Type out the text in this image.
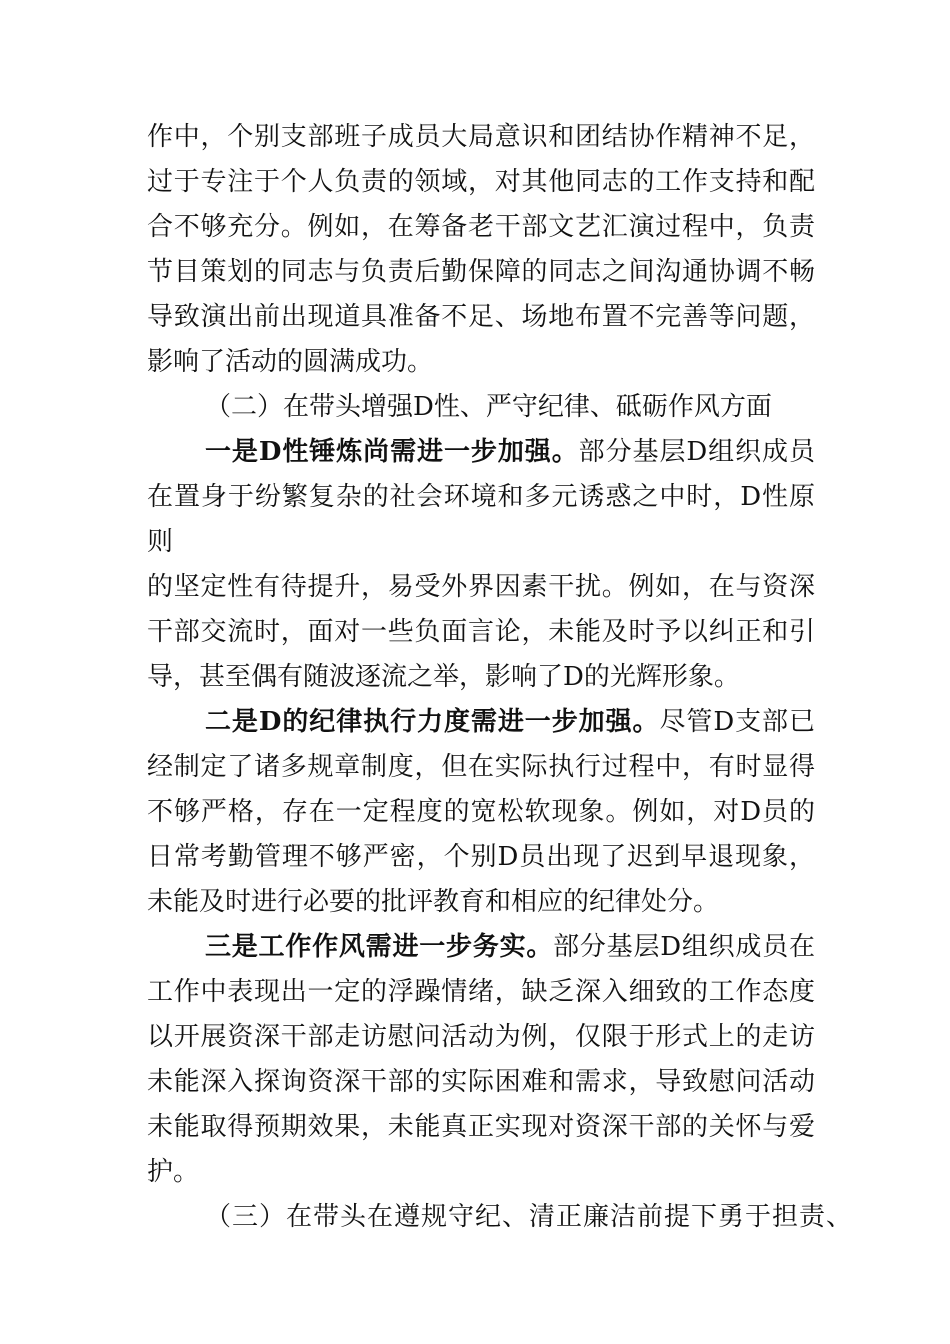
作中，个别支部班子成员大局意识和团结协作精神不足，
过于专注于个人负责的领域，对其他同志的工作支持和配
合不够充分。例如，在筹备老干部文艺汇演过程中，负责
节目策划的同志与负责后勤保障的同志之间沟通协调不畅
导致演出前出现道具准备不足、场地布置不完善等问题，
影响了活动的圆满成功。
（二）在带头增强D性、严守纪律、砥砺作风方面
一是D性锤炼尚需进一步加强。部分基层D组织成员
在置身于纷繁复杂的社会环境和多元诱惑之中时，D性原则
的坚定性有待提升，易受外界因素干扰。例如，在与资深
干部交流时，面对一些负面言论，未能及时予以纠正和引
导，甚至偶有随波逐流之举，影响了D的光辉形象。
二是D的纪律执行力度需进一步加强。尽管D支部已
经制定了诸多规章制度，但在实际执行过程中，有时显得
不够严格，存在一定程度的宽松软现象。例如，对D员的
日常考勤管理不够严密，个别D员出现了迟到早退现象，
未能及时进行必要的批评教育和相应的纪律处分。
三是工作作风需进一步务实。部分基层D组织成员在
工作中表现出一定的浮躁情绪，缺乏深入细致的工作态度
以开展资深干部走访慰问活动为例，仅限于形式上的走访
未能深入探询资深干部的实际困难和需求，导致慰问活动
未能取得预期效果，未能真正实现对资深干部的关怀与爱
护。
（三）在带头在遵规守纪、清正廉洁前提下勇于担责、
